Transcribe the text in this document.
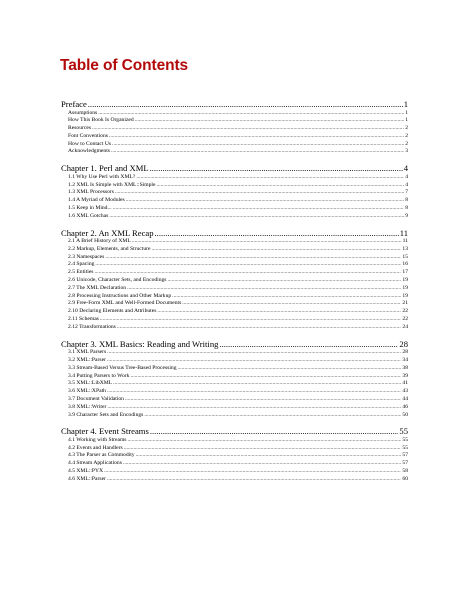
Table of Contents
Preface .....	1
Assumptions .....	1
How This Book Is Organized .....	1
Resources .....	2
Font Conventions .....	2
How to Contact Us .....	2
Acknowledgments .....	3
Chapter 1. Perl and XML .....	4
1.1 Why Use Perl with XML? .....	4
1.2 XML Is Simple with XML::Simple .....	4
1.3 XML Processors .....	7
1.4 A Myriad of Modules .....	8
1.5 Keep in Mind... .....	8
1.6 XML Gotchas .....	9
Chapter 2. An XML Recap .....	11
2.1 A Brief History of XML .....	11
2.2 Markup, Elements, and Structure .....	13
2.3 Namespaces .....	15
2.4 Spacing .....	16
2.5 Entities .....	17
2.6 Unicode, Character Sets, and Encodings .....	19
2.7 The XML Declaration .....	19
2.8 Processing Instructions and Other Markup .....	19
2.9 Free-Form XML and Well-Formed Documents .....	21
2.10 Declaring Elements and Attributes .....	22
2.11 Schemas .....	22
2.12 Transformations .....	24
Chapter 3. XML Basics: Reading and Writing .....	28
3.1 XML Parsers .....	28
3.2 XML::Parser .....	34
3.3 Stream-Based Versus Tree-Based Processing .....	38
3.4 Putting Parsers to Work .....	39
3.5 XML::LibXML .....	41
3.6 XML::XPath .....	43
3.7 Document Validation .....	44
3.8 XML::Writer .....	46
3.9 Character Sets and Encodings .....	50
Chapter 4. Event Streams .....	55
4.1 Working with Streams .....	55
4.2 Events and Handlers .....	55
4.3 The Parser as Commodity .....	57
4.4 Stream Applications .....	57
4.5 XML::PYX .....	58
4.6 XML::Parser .....	60
